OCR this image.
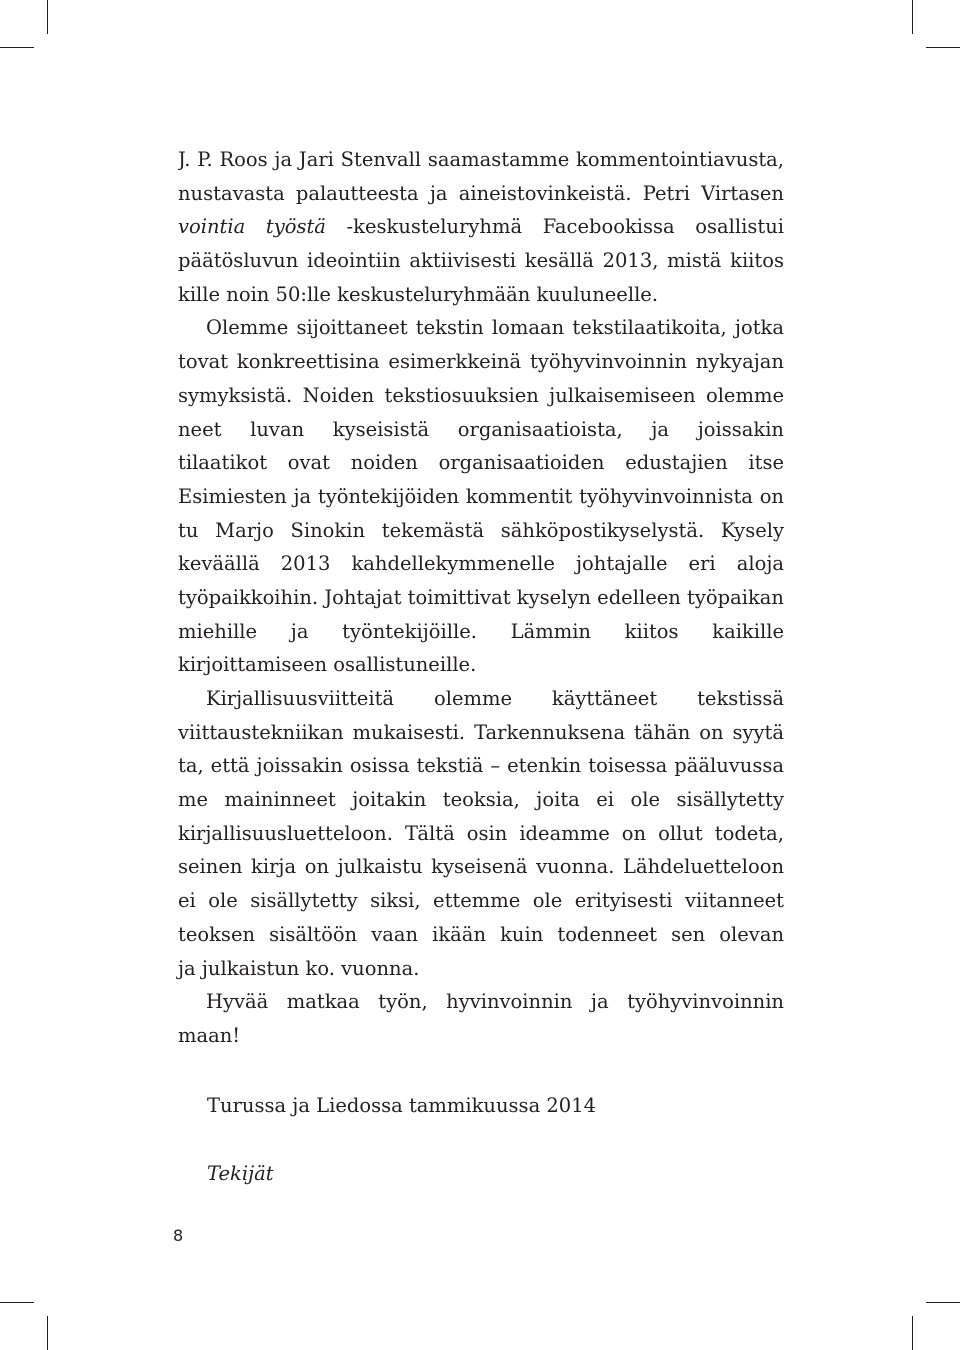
J. P. Roos ja Jari Stenvall saamastamme kommentointiavusta,
nustavasta palautteesta ja aineistovinkeistä. Petri Virtasen
vointia työstä -keskusteluryhmä Facebookissa osallistui
päätösluvun ideointiin aktiivisesti kesällä 2013, mistä kiitos
kille noin 50:lle keskusteluryhmään kuuluneelle.
Olemme sijoittaneet tekstin lomaan tekstilaatikoita, jotka
tovat konkreettisina esimerkkeinä työhyvinvoinnin nykyajan
symyksistä. Noiden tekstiosuuksien julkaisemiseen olemme
neet luvan kyseisistä organisaatioista, ja joissakin
tilaatikot ovat noiden organisaatioiden edustajien itse
Esimiesten ja työntekijöiden kommentit työhyvinvoinnista on
tu Marjo Sinokin tekemästä sähköpostikyselystä. Kysely
keväällä 2013 kahdellekymmenelle johtajalle eri aloja
työpaikkoihin. Johtajat toimittivat kyselyn edelleen työpaikan
miehille ja työntekijöille. Lämmin kiitos kaikille
kirjoittamiseen osallistuneille.
Kirjallisuusviitteitä olemme käyttäneet tekstissä
viittaustekniikan mukaisesti. Tarkennuksena tähän on syytä
ta, että joissakin osissa tekstiä – etenkin toisessa pääluvussa
me maininneet joitakin teoksia, joita ei ole sisällytetty
kirjallisuusluetteloon. Tältä osin ideamme on ollut todeta,
seinen kirja on julkaistu kyseisenä vuonna. Lähdeluetteloon
ei ole sisällytetty siksi, ettemme ole erityisesti viitanneet
teoksen sisältöön vaan ikään kuin todenneet sen olevan
ja julkaistun ko. vuonna.
Hyvää matkaa työn, hyvinvoinnin ja työhyvinvoinnin
maan!
Turussa ja Liedossa tammikuussa 2014
Tekijät
8
